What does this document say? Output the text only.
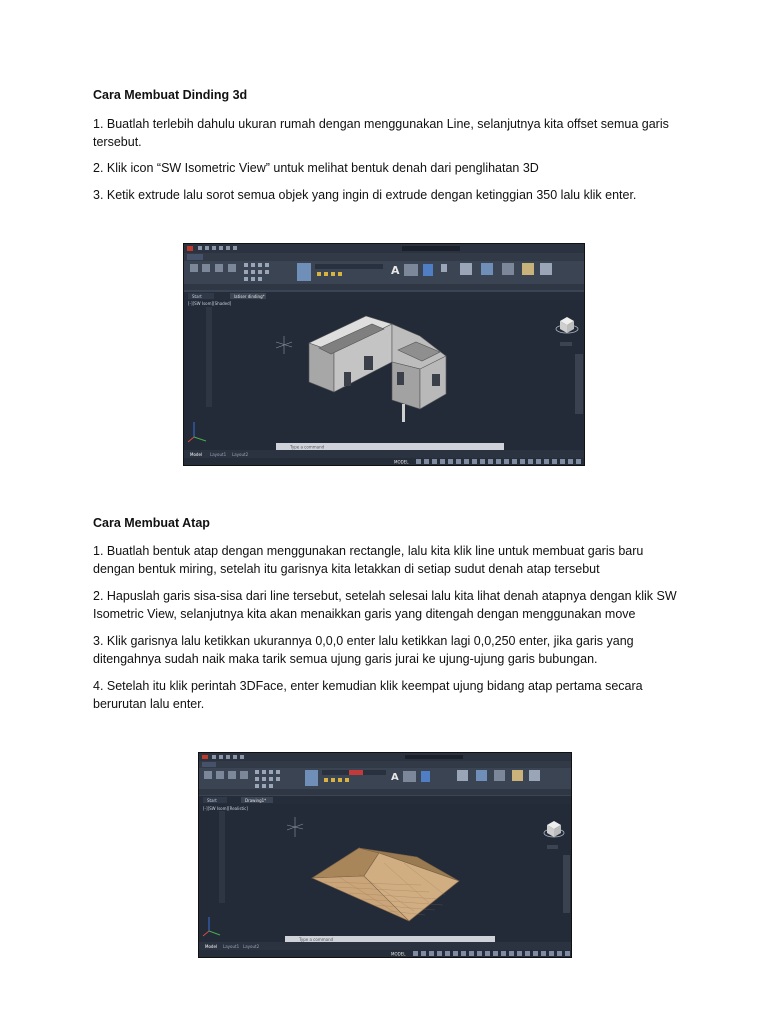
Cara Membuat Dinding 3d
1. Buatlah terlebih dahulu ukuran rumah dengan menggunakan Line, selanjutnya kita offset semua garis tersebut.
2. Klik icon “SW Isometric View” untuk melihat bentuk denah dari penglihatan 3D
3. Ketik extrude lalu sorot semua objek yang ingin di extrude dengan ketinggian 350 lalu klik enter.
A
Start	latiser dinding*
[-][SW Isom][Shaded]
Type a command
Model Layout1 Layout2
MODEL
Cara Membuat Atap
1. Buatlah bentuk atap dengan menggunakan rectangle, lalu kita klik line untuk membuat garis baru dengan bentuk miring, setelah itu garisnya kita letakkan di setiap sudut denah atap tersebut
2. Hapuslah garis sisa-sisa dari line tersebut, setelah selesai lalu kita lihat denah atapnya dengan klik SW Isometric View, selanjutnya kita akan menaikkan garis yang ditengah dengan menggunakan move
3. Klik garisnya lalu ketikkan ukurannya 0,0,0 enter lalu ketikkan lagi 0,0,250 enter, jika garis yang ditengahnya sudah naik maka tarik semua ujung garis jurai ke ujung-ujung garis bubungan.
4. Setelah itu klik perintah 3DFace, enter kemudian klik keempat ujung bidang atap pertama secara berurutan lalu enter.
A
Start	Drawing1*
[-][SW Isom][Realistic]
Type a command
Model Layout1 Layout2
MODEL
